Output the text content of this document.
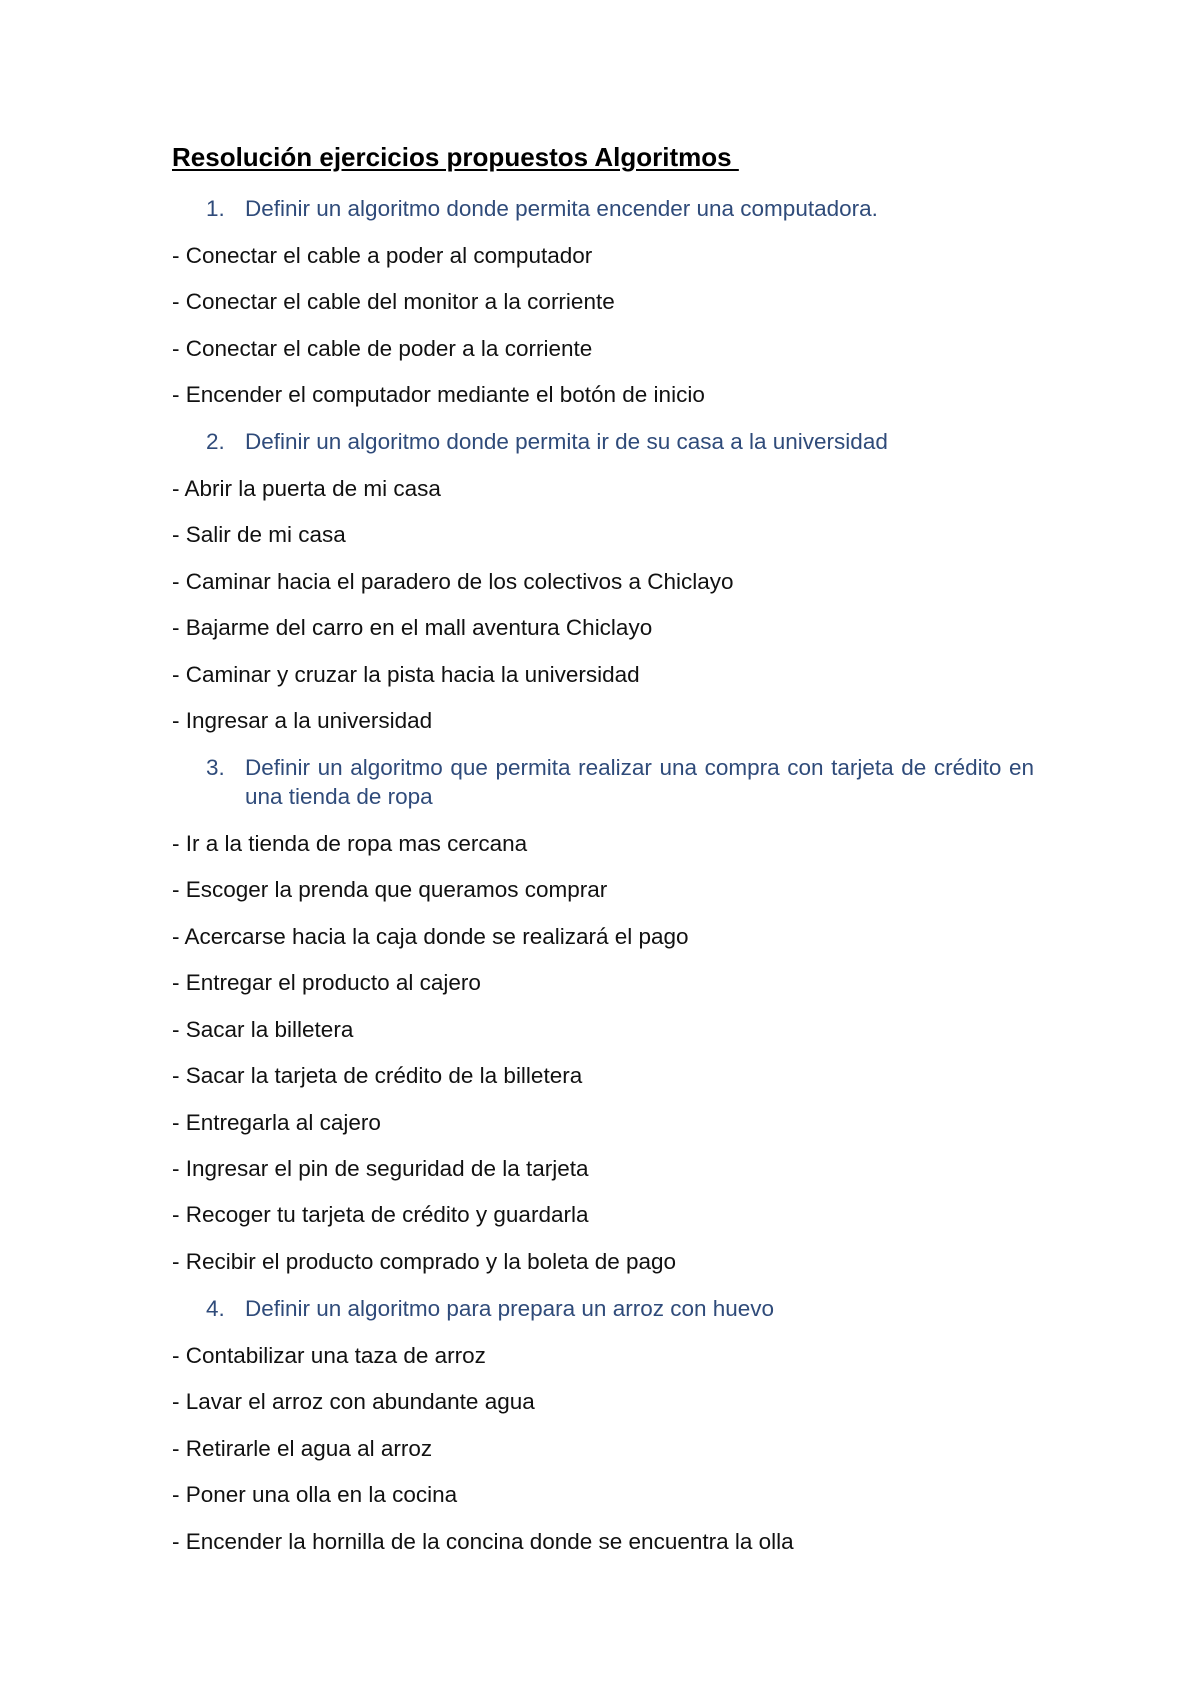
Resolución ejercicios propuestos Algoritmos
1. Definir un algoritmo donde permita encender una computadora.
- Conectar el cable a poder al computador
- Conectar el cable del monitor a la corriente
- Conectar el cable de poder a la corriente
- Encender el computador mediante el botón de inicio
2. Definir un algoritmo donde permita ir de su casa a la universidad
- Abrir la puerta de mi casa
- Salir de mi casa
- Caminar hacia el paradero de los colectivos a Chiclayo
- Bajarme del carro en el mall aventura Chiclayo
- Caminar y cruzar la pista hacia la universidad
- Ingresar a la universidad
3. Definir un algoritmo que permita realizar una compra con tarjeta de crédito en una tienda de ropa
- Ir a la tienda de ropa mas cercana
- Escoger la prenda que queramos comprar
- Acercarse hacia la caja donde se realizará el pago
- Entregar el producto al cajero
- Sacar la billetera
- Sacar la tarjeta de crédito de la billetera
- Entregarla al cajero
- Ingresar el pin de seguridad de la tarjeta
- Recoger tu tarjeta de crédito y guardarla
- Recibir el producto comprado y la boleta de pago
4. Definir un algoritmo para prepara un arroz con huevo
- Contabilizar una taza de arroz
- Lavar el arroz con abundante agua
- Retirarle el agua al arroz
- Poner una olla en la cocina
- Encender la hornilla de la concina donde se encuentra la olla
